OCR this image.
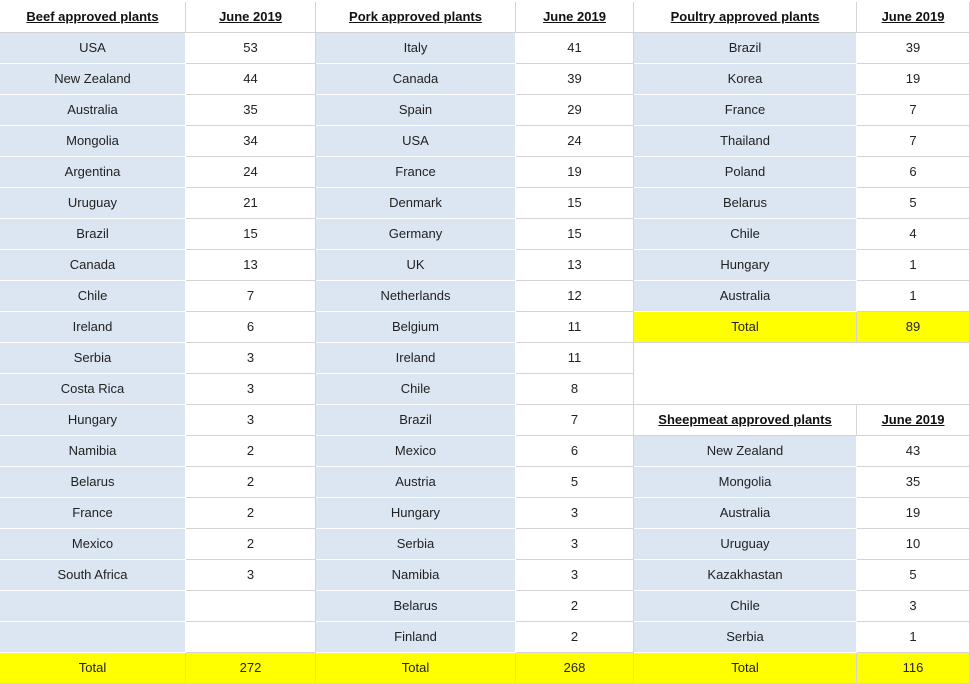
Beef approved plants	June 2019
USA	53
New Zealand	44
Australia	35
Mongolia	34
Argentina	24
Uruguay	21
Brazil	15
Canada	13
Chile	7
Ireland	6
Serbia	3
Costa Rica	3
Hungary	3
Namibia	2
Belarus	2
France	2
Mexico	2
South Africa	3
Total	272
Pork approved plants	June 2019
Italy	41
Canada	39
Spain	29
USA	24
France	19
Denmark	15
Germany	15
UK	13
Netherlands	12
Belgium	11
Ireland	11
Chile	8
Brazil	7
Mexico	6
Austria	5
Hungary	3
Serbia	3
Namibia	3
Belarus	2
Finland	2
Total	268
Poultry approved plants	June 2019
Brazil	39
Korea	19
France	7
Thailand	7
Poland	6
Belarus	5
Chile	4
Hungary	1
Australia	1
Total	89
Sheepmeat approved plants	June 2019
New Zealand	43
Mongolia	35
Australia	19
Uruguay	10
Kazakhastan	5
Chile	3
Serbia	1
Total	116
